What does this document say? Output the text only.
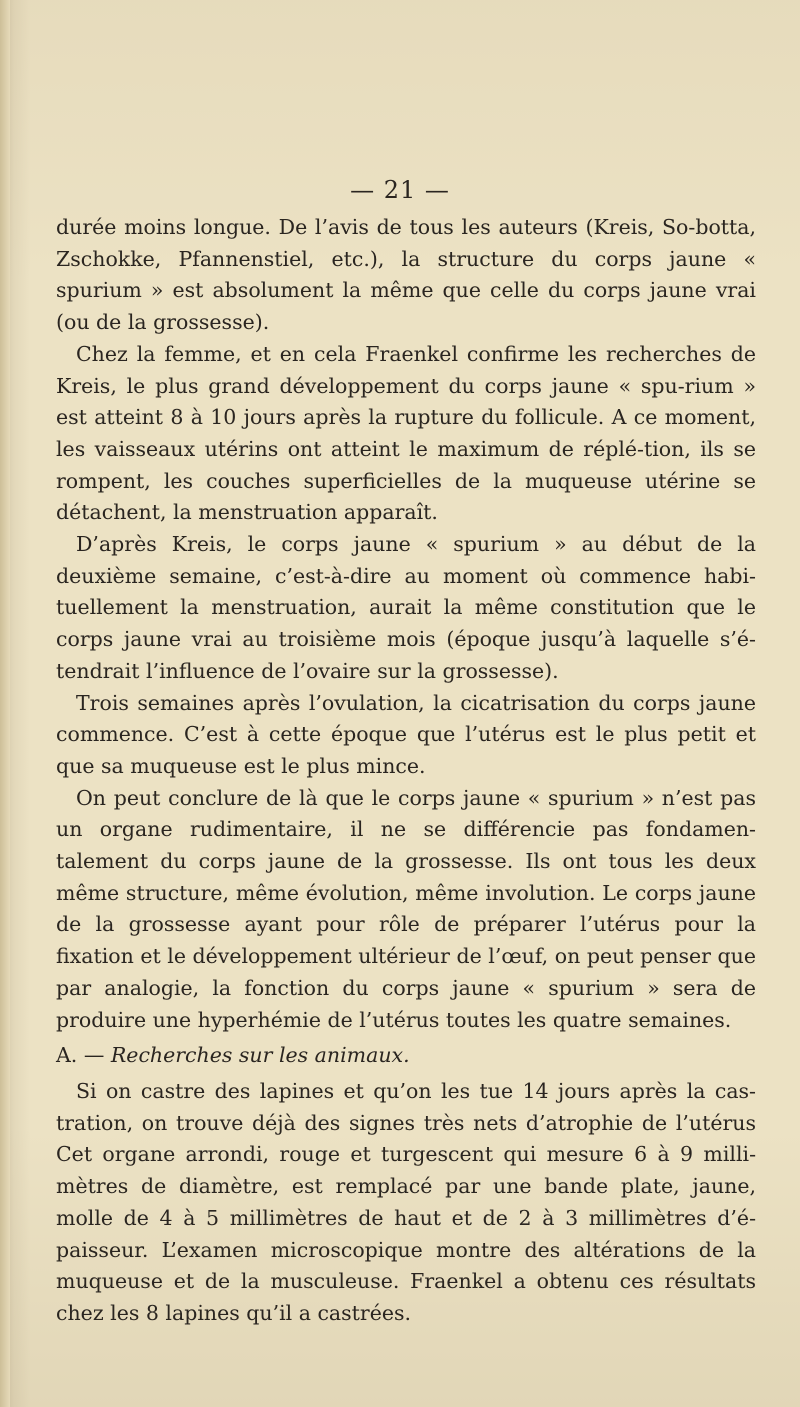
— 21 —

durée moins longue. De l’avis de tous les auteurs (Kreis, So-botta, Zschokke, Pfannenstiel, etc.), la structure du corps jaune « spurium » est absolument la même que celle du corps jaune vrai (ou de la grossesse).

Chez la femme, et en cela Fraenkel confirme les recherches de Kreis, le plus grand développement du corps jaune « spu-rium » est atteint 8 à 10 jours après la rupture du follicule. A ce moment, les vaisseaux utérins ont atteint le maximum de réplé-tion, ils se rompent, les couches superficielles de la muqueuse utérine se détachent, la menstruation apparaît.

D’après Kreis, le corps jaune « spurium » au début de la deuxième semaine, c’est-à-dire au moment où commence habi-tuellement la menstruation, aurait la même constitution que le corps jaune vrai au troisième mois (époque jusqu’à laquelle s’é-tendrait l’influence de l’ovaire sur la grossesse).

Trois semaines après l’ovulation, la cicatrisation du corps jaune commence. C’est à cette époque que l’utérus est le plus petit et que sa muqueuse est le plus mince.

On peut conclure de là que le corps jaune « spurium » n’est pas un organe rudimentaire, il ne se différencie pas fondamen-talement du corps jaune de la grossesse. Ils ont tous les deux même structure, même évolution, même involution. Le corps jaune de la grossesse ayant pour rôle de préparer l’utérus pour la fixation et le développement ultérieur de l’œuf, on peut penser que par analogie, la fonction du corps jaune « spurium » sera de produire une hyperhémie de l’utérus toutes les quatre semaines.

A. — Recherches sur les animaux.

Si on castre des lapines et qu’on les tue 14 jours après la cas-tration, on trouve déjà des signes très nets d’atrophie de l’utérus Cet organe arrondi, rouge et turgescent qui mesure 6 à 9 milli-mètres de diamètre, est remplacé par une bande plate, jaune, molle de 4 à 5 millimètres de haut et de 2 à 3 millimètres d’é-paisseur. L’examen microscopique montre des altérations de la muqueuse et de la musculeuse. Fraenkel a obtenu ces résultats chez les 8 lapines qu’il a castrées.
